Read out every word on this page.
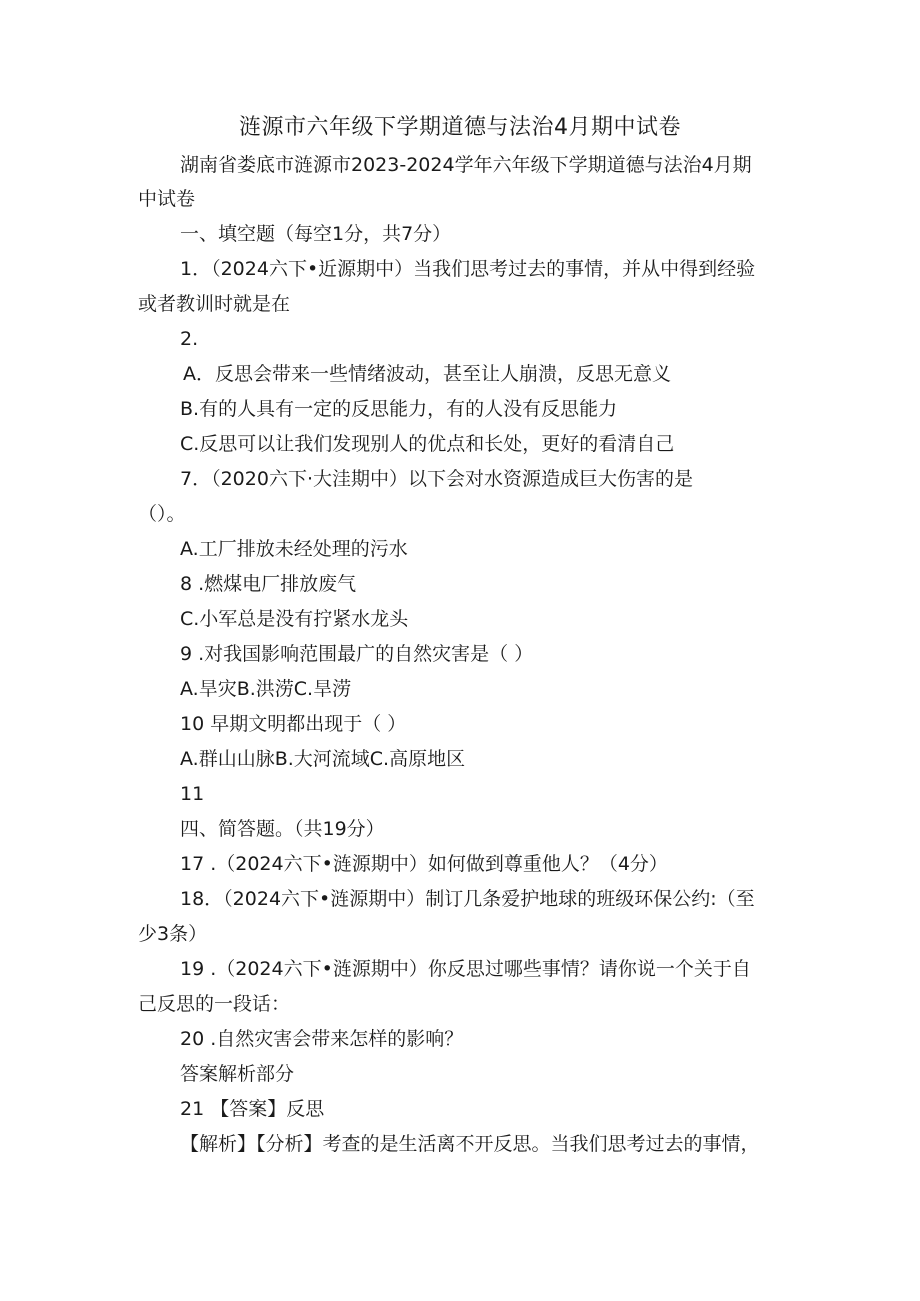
涟源市六年级下学期道德与法治4月期中试卷
湖南省娄底市涟源市2023-2024学年六年级下学期道德与法治4月期
中试卷
一、填空题（每空1分，共7分）
1．（2024六下•近源期中）当我们思考过去的事情，并从中得到经验
或者教训时就是在
2.
A．反思会带来一些情绪波动，甚至让人崩溃，反思无意义
B.有的人具有一定的反思能力，有的人没有反思能力
C.反思可以让我们发现别人的优点和长处，更好的看清自己
7．（2020六下·大洼期中）以下会对水资源造成巨大伤害的是
（）。
A.工厂排放未经处理的污水
8 .燃煤电厂排放废气
C.小军总是没有拧紧水龙头
9 .对我国影响范围最广的自然灾害是（ ）
A.旱灾B.洪涝C.旱涝
10 早期文明都出现于（ ）
A.群山山脉B.大河流域C.高原地区
11
四、简答题。（共19分）
17 .（2024六下•涟源期中）如何做到尊重他人？（4分）
18．（2024六下•涟源期中）制订几条爱护地球的班级环保公约:（至
少3条）
19 .（2024六下•涟源期中）你反思过哪些事情？请你说一个关于自
己反思的一段话：
20 .自然灾害会带来怎样的影响？
答案解析部分
21 【答案】反思
【解析】【分析】考查的是生活离不开反思。当我们思考过去的事情，
